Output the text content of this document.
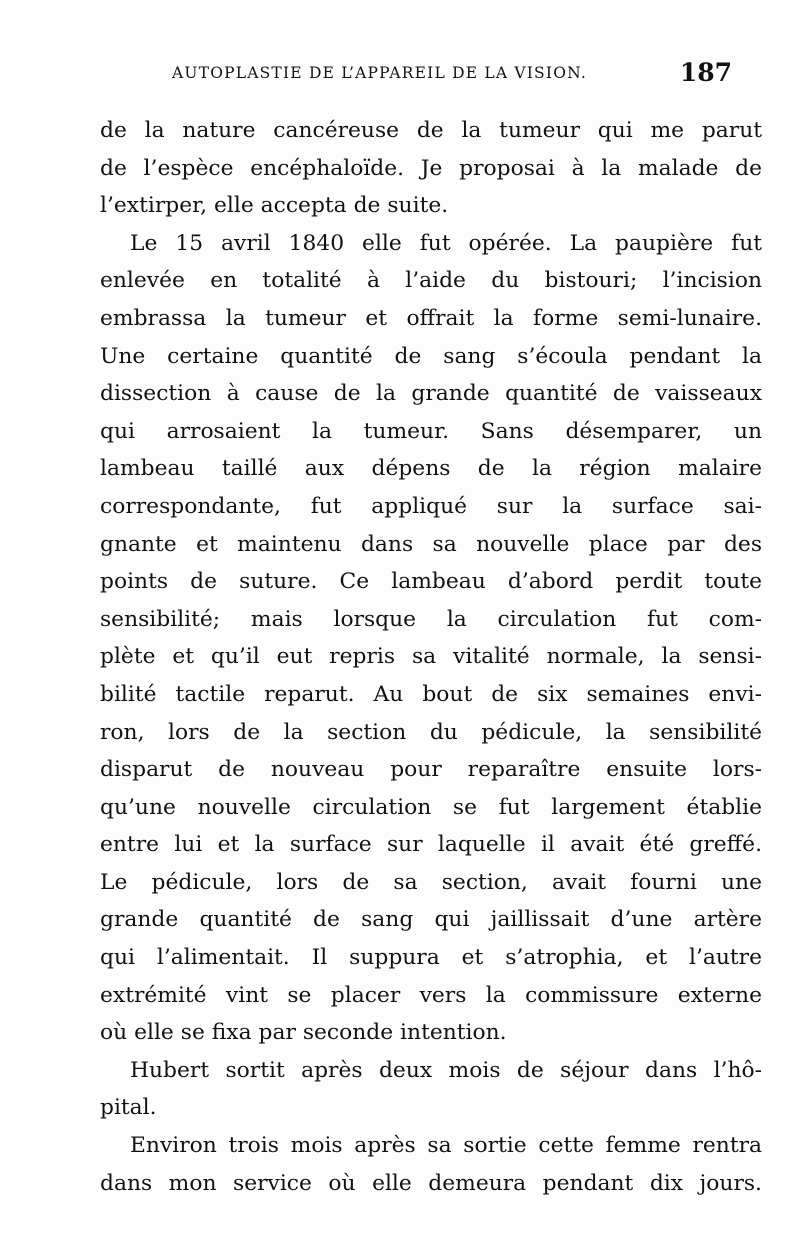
AUTOPLASTIE DE L’APPAREIL DE LA VISION.	187

de la nature cancéreuse de la tumeur qui me parut
de l’espèce encéphaloïde. Je proposai à la malade de
l’extirper, elle accepta de suite.

Le 15 avril 1840 elle fut opérée. La paupière fut
enlevée en totalité à l’aide du bistouri; l’incision
embrassa la tumeur et offrait la forme semi-lunaire.
Une certaine quantité de sang s’écoula pendant la
dissection à cause de la grande quantité de vaisseaux
qui arrosaient la tumeur. Sans désemparer, un
lambeau taillé aux dépens de la région malaire
correspondante, fut appliqué sur la surface sai-
gnante et maintenu dans sa nouvelle place par des
points de suture. Ce lambeau d’abord perdit toute
sensibilité; mais lorsque la circulation fut com-
plète et qu’il eut repris sa vitalité normale, la sensi-
bilité tactile reparut. Au bout de six semaines envi-
ron, lors de la section du pédicule, la sensibilité
disparut de nouveau pour reparaître ensuite lors-
qu’une nouvelle circulation se fut largement établie
entre lui et la surface sur laquelle il avait été greffé.
Le pédicule, lors de sa section, avait fourni une
grande quantité de sang qui jaillissait d’une artère
qui l’alimentait. Il suppura et s’atrophia, et l’autre
extrémité vint se placer vers la commissure externe
où elle se fixa par seconde intention.

Hubert sortit après deux mois de séjour dans l’hô-
pital.

Environ trois mois après sa sortie cette femme rentra
dans mon service où elle demeura pendant dix jours.
